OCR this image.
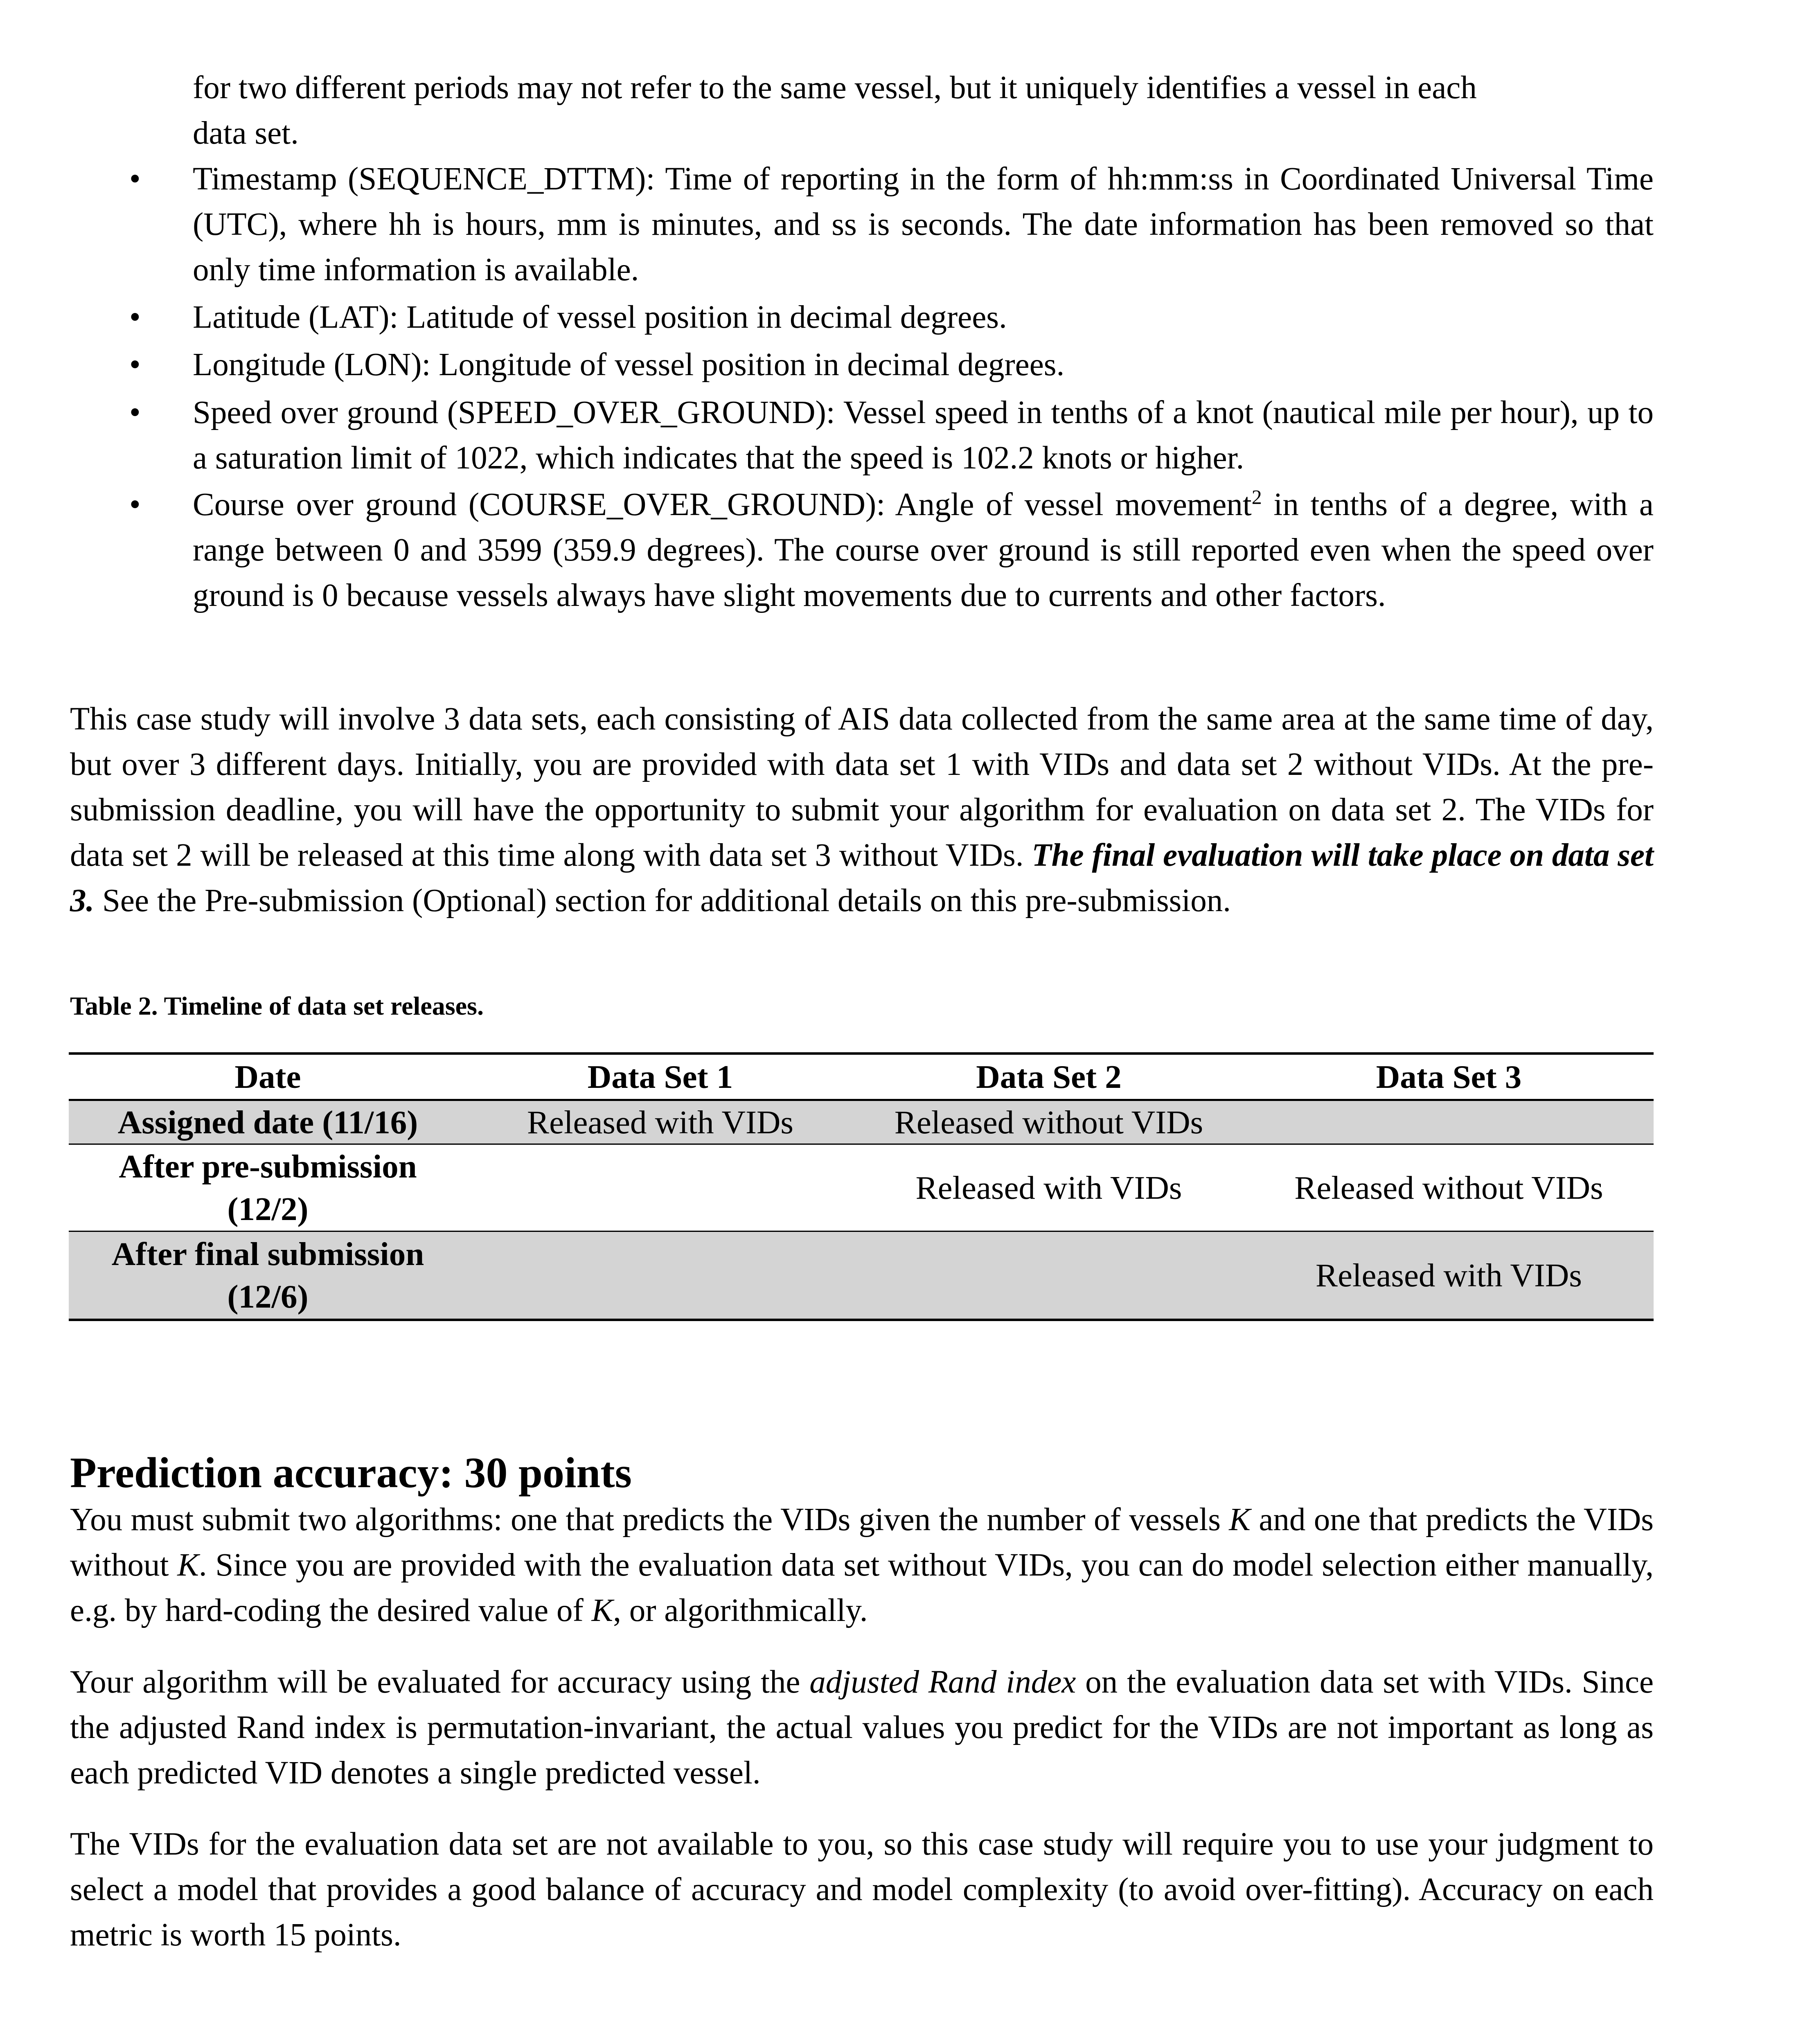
for two different periods may not refer to the same vessel, but it uniquely identifies a vessel in each
data set.
• Timestamp (SEQUENCE_DTTM): Time of reporting in the form of hh:mm:ss in Coordinated Universal Time (UTC), where hh is hours, mm is minutes, and ss is seconds. The date information has been removed so that only time information is available.
• Latitude (LAT): Latitude of vessel position in decimal degrees.
• Longitude (LON): Longitude of vessel position in decimal degrees.
• Speed over ground (SPEED_OVER_GROUND): Vessel speed in tenths of a knot (nautical mile per hour), up to a saturation limit of 1022, which indicates that the speed is 102.2 knots or higher.
• Course over ground (COURSE_OVER_GROUND): Angle of vessel movement$^2$ in tenths of a degree, with a range between 0 and 3599 (359.9 degrees). The course over ground is still reported even when the speed over ground is 0 because vessels always have slight movements due to currents and other factors.
This case study will involve 3 data sets, each consisting of AIS data collected from the same area at the same time of day, but over 3 different days. Initially, you are provided with data set 1 with VIDs and data set 2 without VIDs. At the pre-submission deadline, you will have the opportunity to submit your algorithm for evaluation on data set 2. The VIDs for data set 2 will be released at this time along with data set 3 without VIDs. The final evaluation will take place on data set 3. See the Pre-submission (Optional) section for additional details on this pre-submission.
Table 2. Timeline of data set releases.
Date	Data Set 1	Data Set 2	Data Set 3
Assigned date (11/16)	Released with VIDs	Released without VIDs	
After pre-submission
(12/2)		Released with VIDs	Released without VIDs
After final submission
(12/6)			Released with VIDs
Prediction accuracy: 30 points
You must submit two algorithms: one that predicts the VIDs given the number of vessels K and one that predicts the VIDs without K. Since you are provided with the evaluation data set without VIDs, you can do model selection either manually, e.g. by hard-coding the desired value of K, or algorithmically.
Your algorithm will be evaluated for accuracy using the adjusted Rand index on the evaluation data set with VIDs. Since the adjusted Rand index is permutation-invariant, the actual values you predict for the VIDs are not important as long as each predicted VID denotes a single predicted vessel.
The VIDs for the evaluation data set are not available to you, so this case study will require you to use your judgment to select a model that provides a good balance of accuracy and model complexity (to avoid over-fitting). Accuracy on each metric is worth 15 points.
